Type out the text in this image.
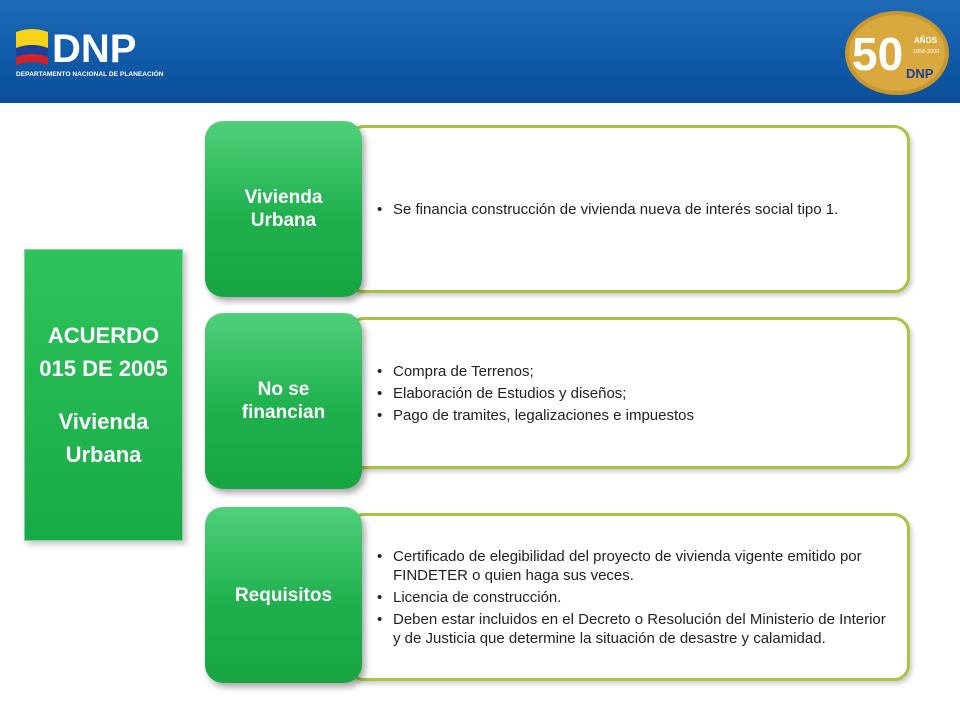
DNP
DEPARTAMENTO NACIONAL DE PLANEACIÓN	50 AÑOS
1958-2008
DNP
ACUERDO
015 DE 2005
Vivienda
Urbana
• Se financia construcción de vivienda nueva de interés social tipo 1.
Vivienda Urbana
• Compra de Terrenos;
• Elaboración de Estudios y diseños;
• Pago de tramites, legalizaciones e impuestos
No se financian
• Certificado de elegibilidad del proyecto de vivienda vigente emitido por FINDETER o quien haga sus veces.
• Licencia de construcción.
• Deben estar incluidos en el Decreto o Resolución del Ministerio de Interior y de Justicia que determine la situación de desastre y calamidad.
Requisitos
